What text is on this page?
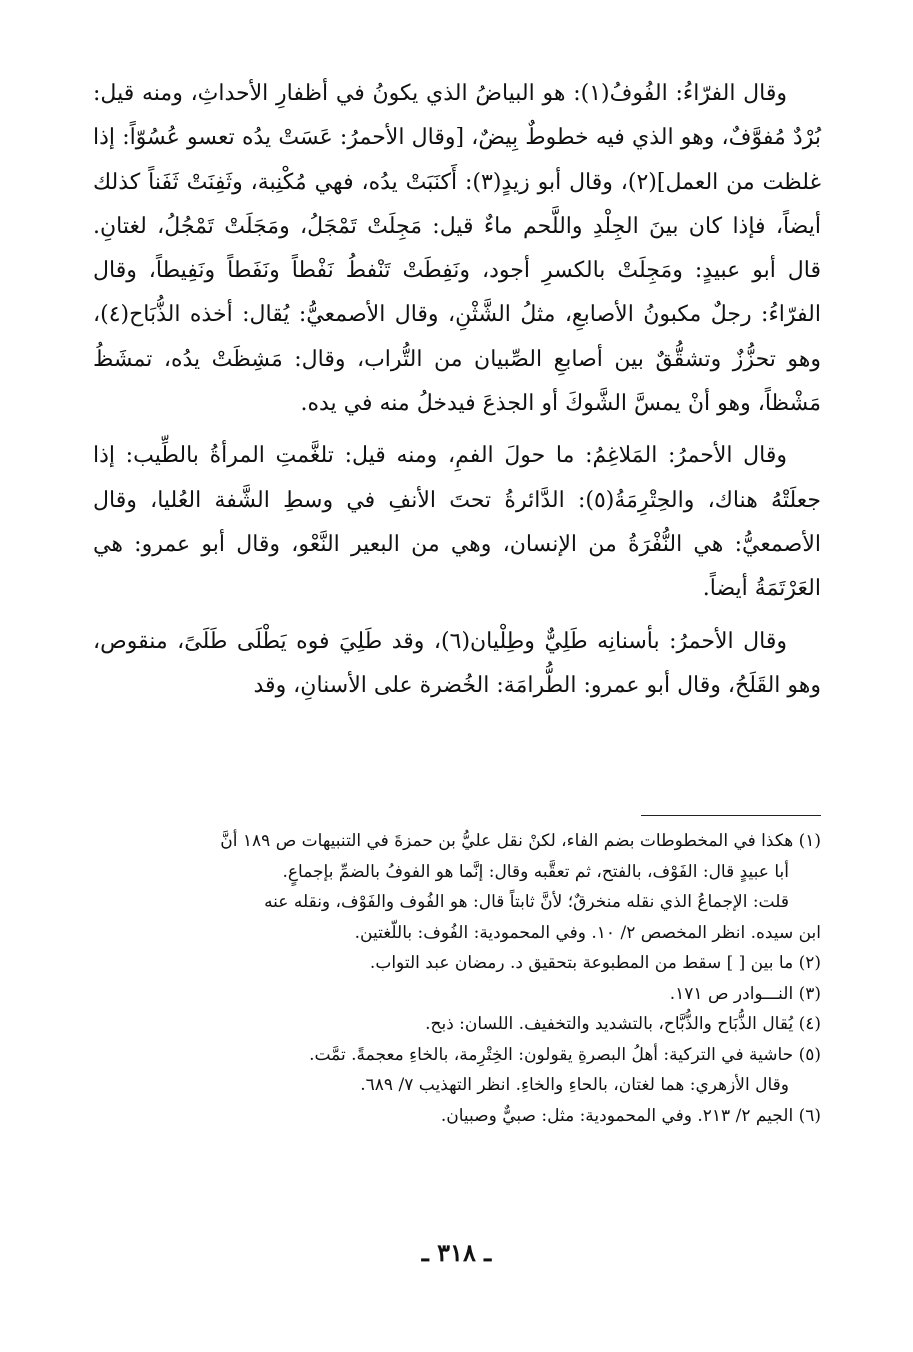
وقال الفرّاءُ: الفُوفُ(١): هو البياضُ الذي يكونُ في أظفارِ الأحداثِ، ومنه قيل: بُرْدٌ مُفوَّفٌ، وهو الذي فيه خطوطٌ بِيضٌ، [وقال الأحمرُ: عَسَتْ يدُه تعسو عُسُوّاً: إذا غلظت من العمل](٢)، وقال أبو زيدٍ(٣): أَكنَبَتْ يدُه، فهي مُكْنِبة، وثَفِنَتْ ثَفَناً كذلك أيضاً، فإذا كان بينَ الجِلْدِ واللَّحم ماءٌ قيل: مَجِلَتْ تَمْجَلُ، ومَجَلَتْ تَمْجُلُ، لغتانِ. قال أبو عبيدٍ: ومَجِلَتْ بالكسرِ أجود، ونَفِطَتْ تَنْفطُ نَفْطاً ونَفَطاً ونَفِيطاً، وقال الفرّاءُ: رجلٌ مكبونُ الأصابعِ، مثلُ الشَّثْنِ، وقال الأصمعيُّ: يُقال: أخذه الذُّبَاح(٤)، وهو تحزُّزٌ وتشقُّقٌ بين أصابعِ الصِّبيان من التُّراب، وقال: مَشِظَتْ يدُه، تمشَظُ مَشْظاً، وهو أنْ يمسَّ الشَّوكَ أو الجذعَ فيدخلُ منه في يده.

وقال الأحمرُ: المَلاغِمُ: ما حولَ الفمِ، ومنه قيل: تلغَّمتِ المرأةُ بالطِّيب: إذا جعلَتْهُ هناك، والحِتْرِمَةُ(٥): الدَّائرةُ تحتَ الأنفِ في وسطِ الشَّفة العُليا، وقال الأصمعيُّ: هي النُّفْرَةُ من الإنسان، وهي من البعير النَّعْو، وقال أبو عمرو: هي العَرْتَمَةُ أيضاً.

وقال الأحمرُ: بأسنانِه طَلِيٌّ وطِلْيان(٦)، وقد طَلِيَ فوه يَطْلَى طَلَىً، منقوص، وهو القَلَحُ، وقال أبو عمرو: الطُّرامَة: الخُضرة على الأسنانِ، وقد

(١) هكذا في المخطوطات بضم الفاء، لكنْ نقل عليُّ بن حمزةَ في التنبيهات ص ١٨٩ أنَّ

أبا عبيدٍ قال: الفَوْف، بالفتح، ثم تعقَّبه وقال: إنَّما هو الفوفُ بالضمِّ بإجماعٍ.

قلت: الإجماعُ الذي نقله منخرقٌ؛ لأنَّ ثابتاً قال: هو الفُوف والفَوْف، ونقله عنه

ابن سيده. انظر المخصص ٢/ ١٠. وفي المحمودية: الفُوف: باللّغتين.

(٢) ما بين [ ] سقط من المطبوعة بتحقيق د. رمضان عبد التواب.

(٣) النـــوادر ص ١٧١.

(٤) يُقال الذُّبَاح والذُّبَّاح، بالتشديد والتخفيف. اللسان: ذبح.

(٥) حاشية في التركية: أهلُ البصرةِ يقولون: الخِتْرِمة، بالخاءِ معجمةً. تمَّت.

وقال الأزهري: هما لغتان، بالحاءِ والخاءِ. انظر التهذيب ٧/ ٦٨٩.

(٦) الجيم ٢/ ٢١٣. وفي المحمودية: مثل: صبيٌّ وصبيان.

ـ ٣١٨ ـ
